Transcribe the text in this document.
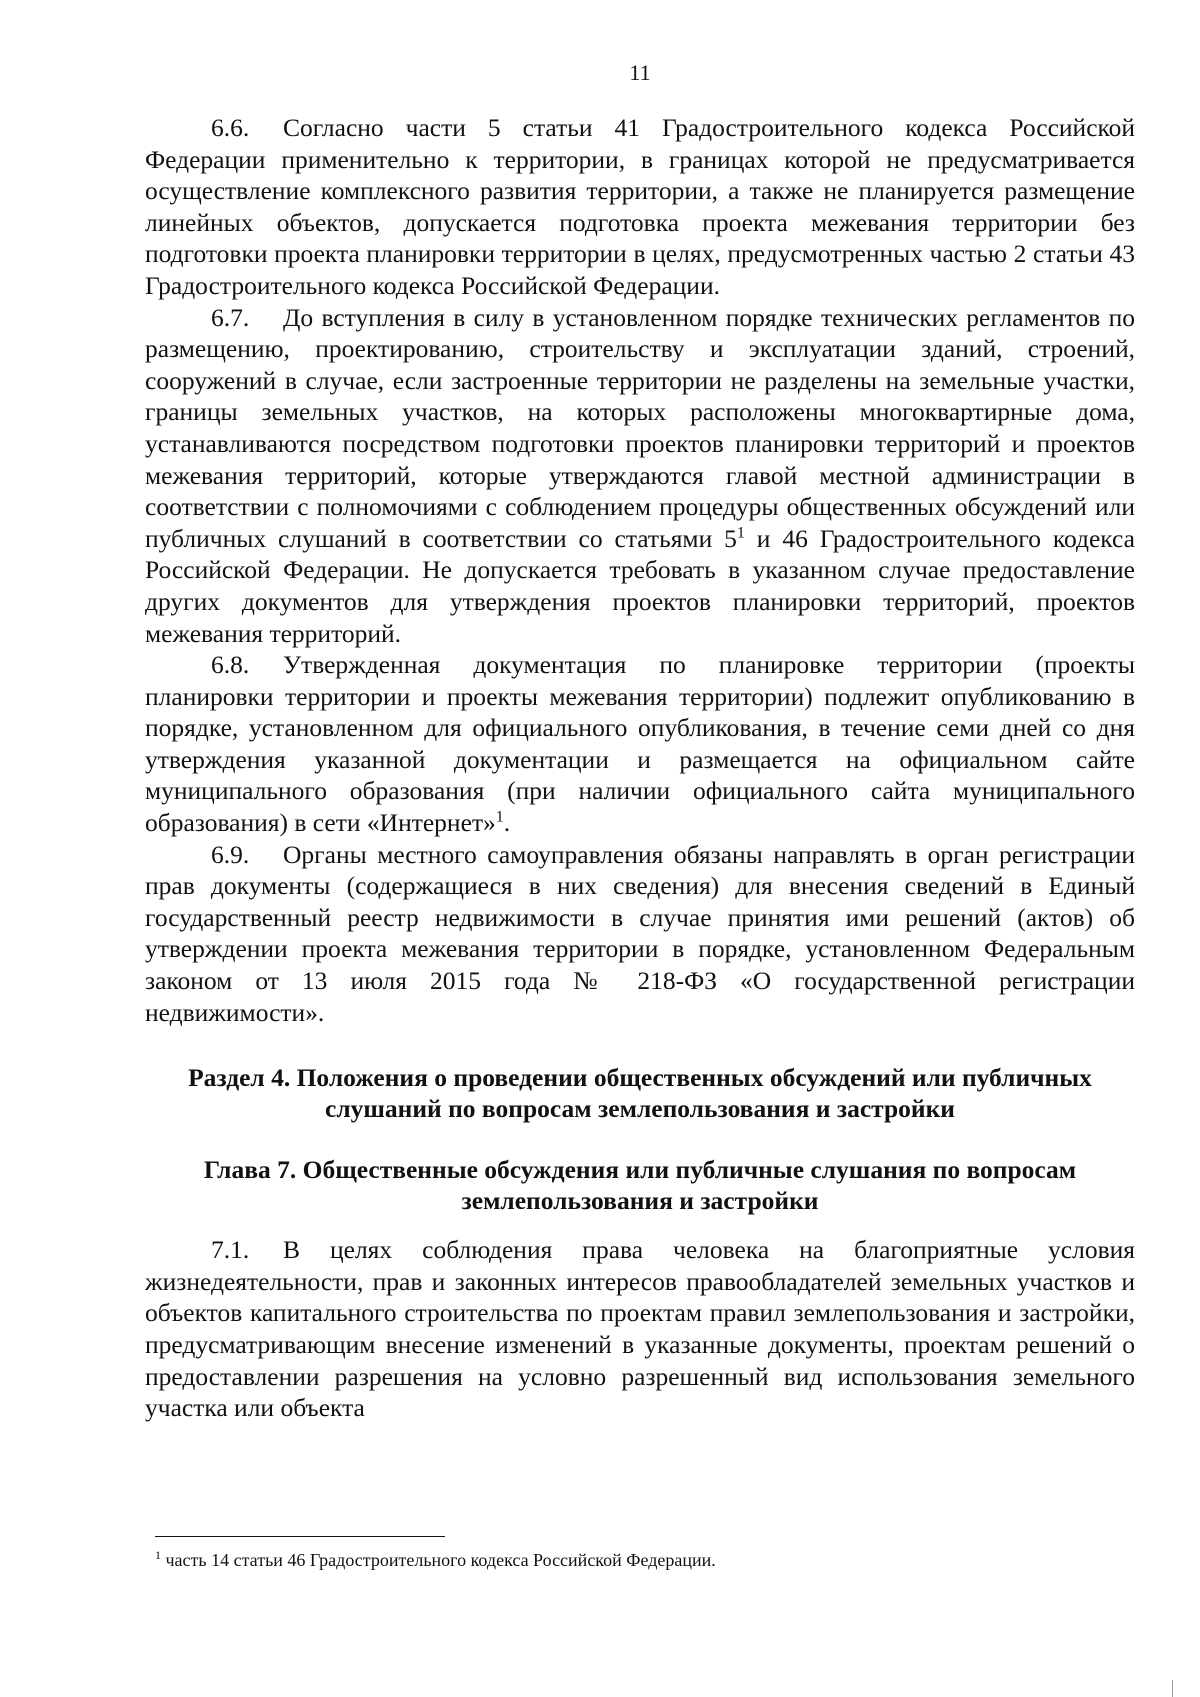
11

6.6. Согласно части 5 статьи 41 Градостроительного кодекса Российской Федерации применительно к территории, в границах которой не предусматривается осуществление комплексного развития территории, а также не планируется размещение линейных объектов, допускается подготовка проекта межевания территории без подготовки проекта планировки территории в целях, предусмотренных частью 2 статьи 43 Градостроительного кодекса Российской Федерации.

6.7. До вступления в силу в установленном порядке технических регламентов по размещению, проектированию, строительству и эксплуатации зданий, строений, сооружений в случае, если застроенные территории не разделены на земельные участки, границы земельных участков, на которых расположены многоквартирные дома, устанавливаются посредством подготовки проектов планировки территорий и проектов межевания территорий, которые утверждаются главой местной администрации в соответствии с полномочиями с соблюдением процедуры общественных обсуждений или публичных слушаний в соответствии со статьями $5^1$ и 46 Градостроительного кодекса Российской Федерации. Не допускается требовать в указанном случае предоставление других документов для утверждения проектов планировки территорий, проектов межевания территорий.

6.8. Утвержденная документация по планировке территории (проекты планировки территории и проекты межевания территории) подлежит опубликованию в порядке, установленном для официального опубликования, в течение семи дней со дня утверждения указанной документации и размещается на официальном сайте муниципального образования (при наличии официального сайта муниципального образования) в сети «Интернет»$^1$.

6.9. Органы местного самоуправления обязаны направлять в орган регистрации прав документы (содержащиеся в них сведения) для внесения сведений в Единый государственный реестр недвижимости в случае принятия ими решений (актов) об утверждении проекта межевания территории в порядке, установленном Федеральным законом от 13 июля 2015 года № 218-ФЗ «О государственной регистрации недвижимости».

Раздел 4. Положения о проведении общественных обсуждений или публичных слушаний по вопросам землепользования и застройки

Глава 7. Общественные обсуждения или публичные слушания по вопросам землепользования и застройки

7.1. В целях соблюдения права человека на благоприятные условия жизнедеятельности, прав и законных интересов правообладателей земельных участков и объектов капитального строительства по проектам правил землепользования и застройки, предусматривающим внесение изменений в указанные документы, проектам решений о предоставлении разрешения на условно разрешенный вид использования земельного участка или объекта

$^1$ часть 14 статьи 46 Градостроительного кодекса Российской Федерации.
